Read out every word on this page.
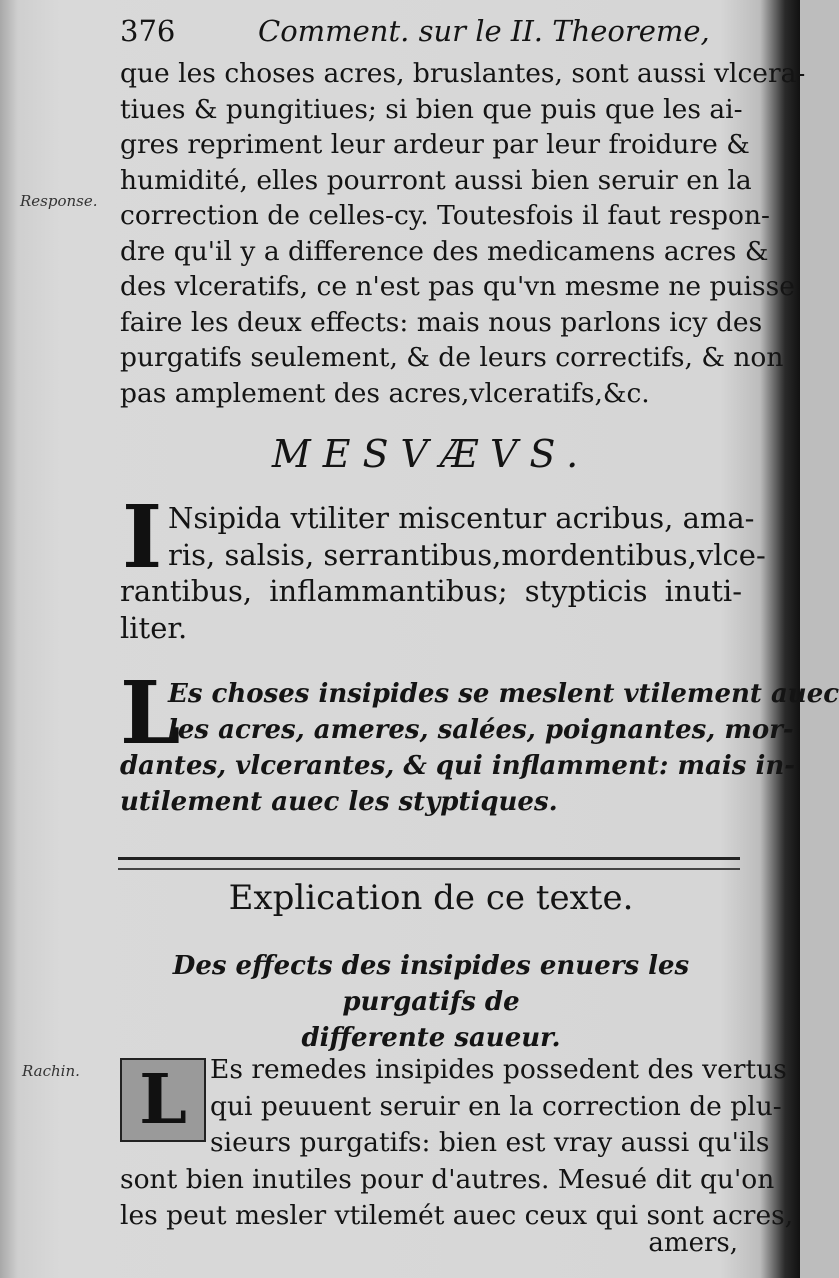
376	Comment. sur le II. Theoreme,
Response.
que les choses acres, bruslantes, sont aussi vlcera-
tiues & pungitiues; si bien que puis que les ai-
gres repriment leur ardeur par leur froidure &
humidité, elles pourront aussi bien seruir en la
correction de celles-cy. Toutesfois il faut respon-
dre qu'il y a difference des medicamens acres &
des vlceratifs, ce n'est pas qu'vn mesme ne puisse
faire les deux effects: mais nous parlons icy des
purgatifs seulement, & de leurs correctifs, & non
pas amplement des acres,vlceratifs,&c.
MESVÆVS.
I Nsipida vtiliter miscentur acribus, ama-
ris, salsis, serrantibus,mordentibus,vlce-
rantibus, inflammantibus; stypticis inuti-
liter.
L
Es choses insipides se meslent vtilement auec
les acres, ameres, salées, poignantes, mor-
dantes, vlcerantes, & qui inflamment: mais in-
utilement auec les styptiques.
Explication de ce texte.
Des effects des insipides enuers les purgatifs de
differente saueur.
Rachin. L Es remedes insipides possedent des vertus
qui peuuent seruir en la correction de plu-
sieurs purgatifs: bien est vray aussi qu'ils
sont bien inutiles pour d'autres. Mesué dit qu'on
les peut mesler vtilemét auec ceux qui sont acres,
amers,
